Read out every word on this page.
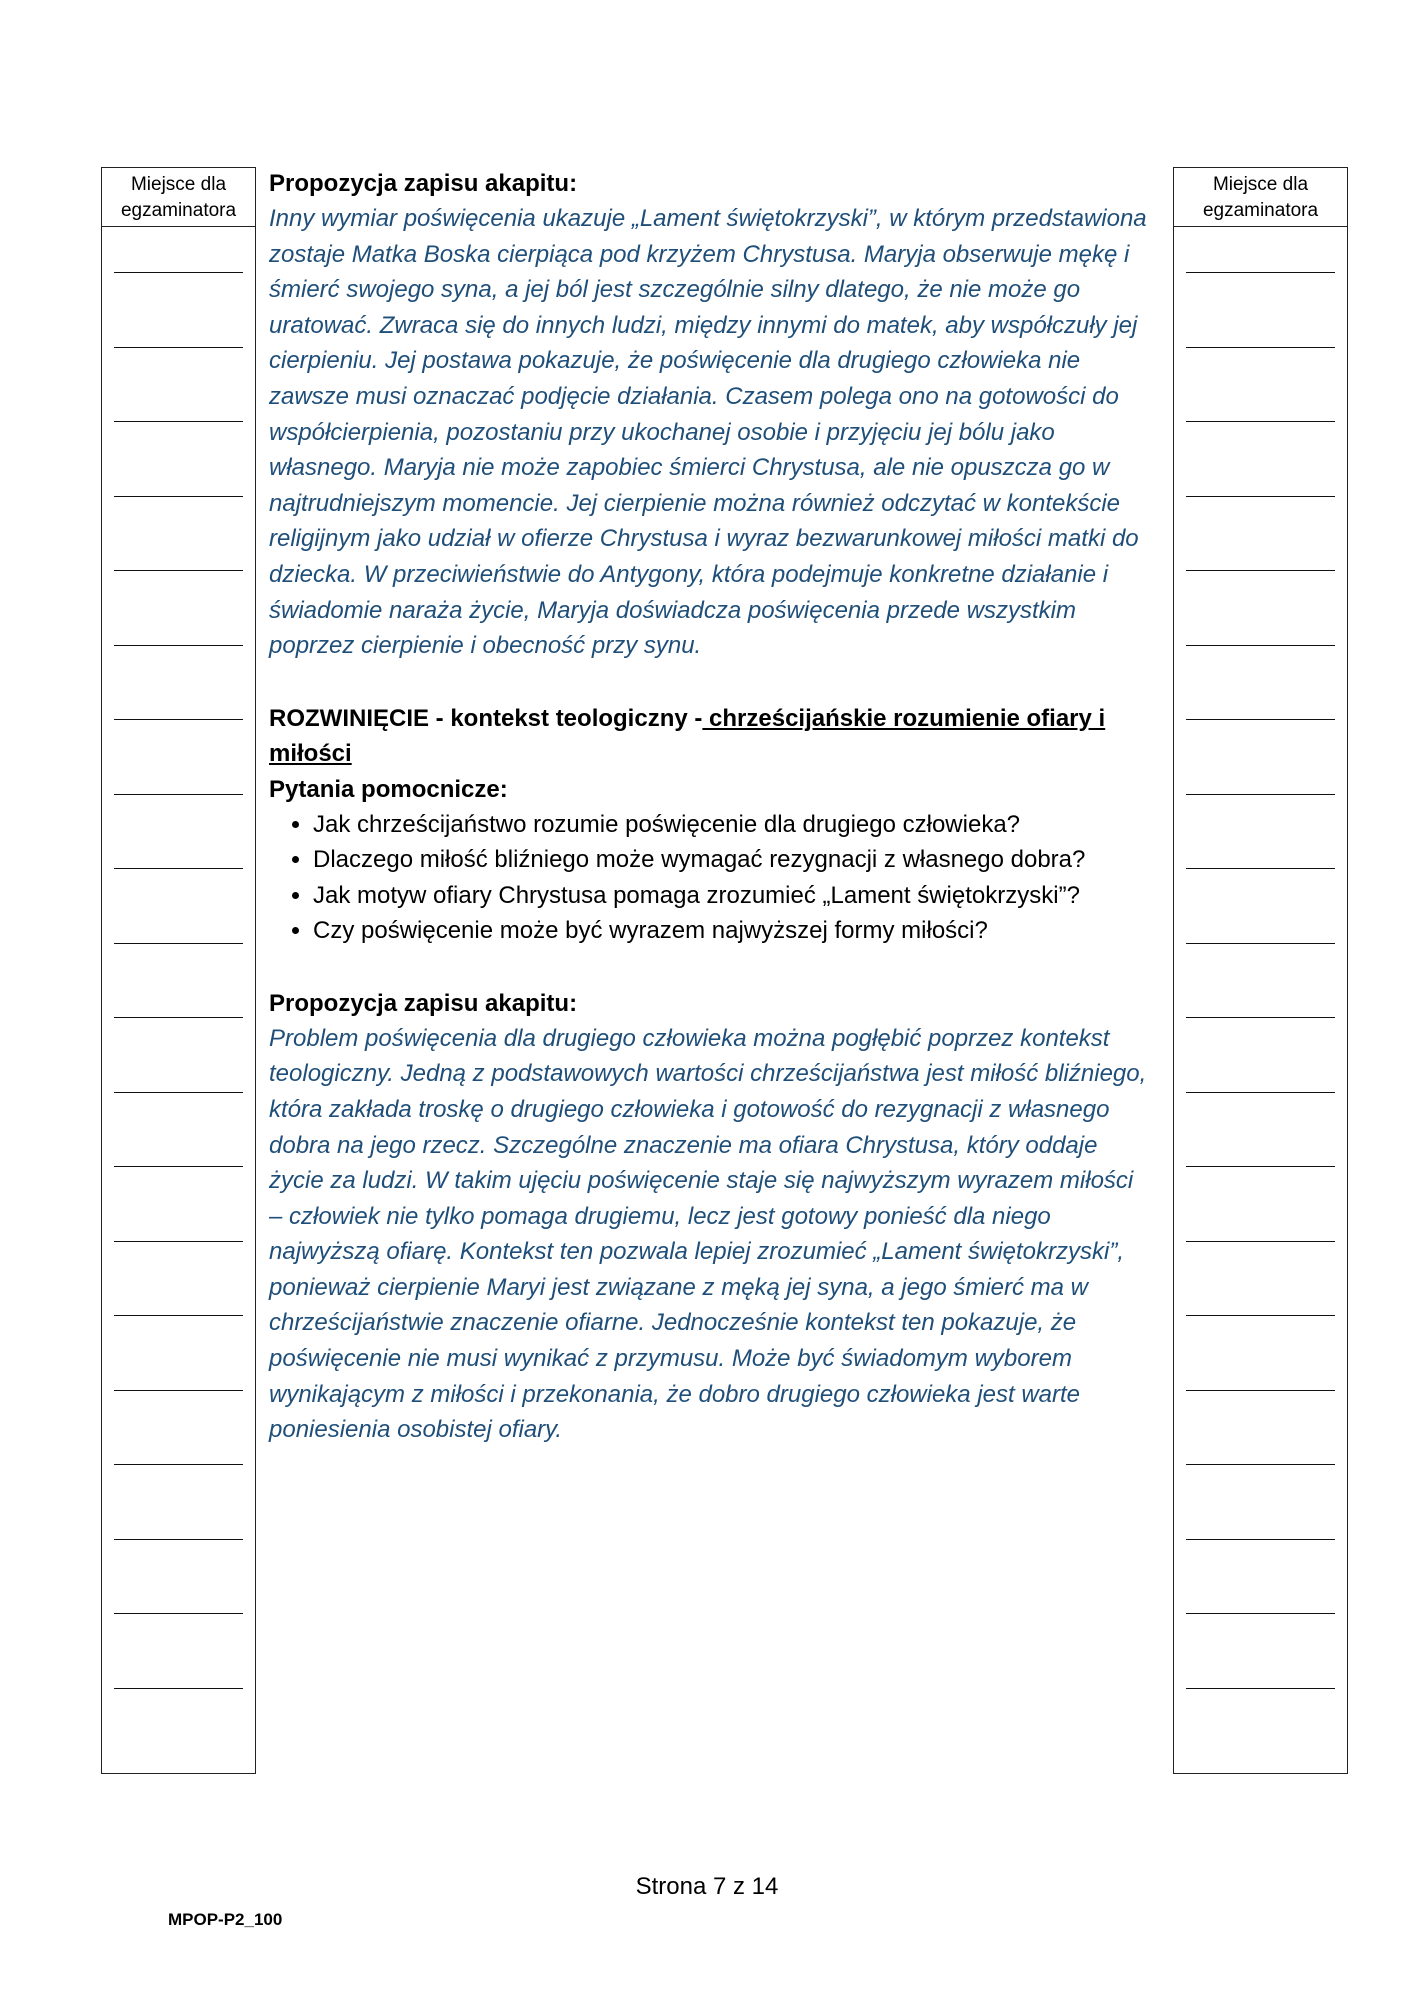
Miejsce dla egzaminatora
Miejsce dla egzaminatora

Propozycja zapisu akapitu:

Inny wymiar poświęcenia ukazuje „Lament świętokrzyski”, w którym przedstawiona zostaje Matka Boska cierpiąca pod krzyżem Chrystusa. Maryja obserwuje mękę i śmierć swojego syna, a jej ból jest szczególnie silny dlatego, że nie może go uratować. Zwraca się do innych ludzi, między innymi do matek, aby współczuły jej cierpieniu. Jej postawa pokazuje, że poświęcenie dla drugiego człowieka nie zawsze musi oznaczać podjęcie działania. Czasem polega ono na gotowości do współcierpienia, pozostaniu przy ukochanej osobie i przyjęciu jej bólu jako własnego. Maryja nie może zapobiec śmierci Chrystusa, ale nie opuszcza go w najtrudniejszym momencie. Jej cierpienie można również odczytać w kontekście religijnym jako udział w ofierze Chrystusa i wyraz bezwarunkowej miłości matki do dziecka. W przeciwieństwie do Antygony, która podejmuje konkretne działanie i świadomie naraża życie, Maryja doświadcza poświęcenia przede wszystkim poprzez cierpienie i obecność przy synu.

ROZWINIĘCIE - kontekst teologiczny - chrześcijańskie rozumienie ofiary i miłości

Pytania pomocnicze:

• Jak chrześcijaństwo rozumie poświęcenie dla drugiego człowieka?
• Dlaczego miłość bliźniego może wymagać rezygnacji z własnego dobra?
• Jak motyw ofiary Chrystusa pomaga zrozumieć „Lament świętokrzyski”?
• Czy poświęcenie może być wyrazem najwyższej formy miłości?

Propozycja zapisu akapitu:

Problem poświęcenia dla drugiego człowieka można pogłębić poprzez kontekst teologiczny. Jedną z podstawowych wartości chrześcijaństwa jest miłość bliźniego, która zakłada troskę o drugiego człowieka i gotowość do rezygnacji z własnego dobra na jego rzecz. Szczególne znaczenie ma ofiara Chrystusa, który oddaje życie za ludzi. W takim ujęciu poświęcenie staje się najwyższym wyrazem miłości – człowiek nie tylko pomaga drugiemu, lecz jest gotowy ponieść dla niego najwyższą ofiarę. Kontekst ten pozwala lepiej zrozumieć „Lament świętokrzyski”, ponieważ cierpienie Maryi jest związane z męką jej syna, a jego śmierć ma w chrześcijaństwie znaczenie ofiarne. Jednocześnie kontekst ten pokazuje, że poświęcenie nie musi wynikać z przymusu. Może być świadomym wyborem wynikającym z miłości i przekonania, że dobro drugiego człowieka jest warte poniesienia osobistej ofiary.

Strona 7 z 14
MPOP-P2_100
